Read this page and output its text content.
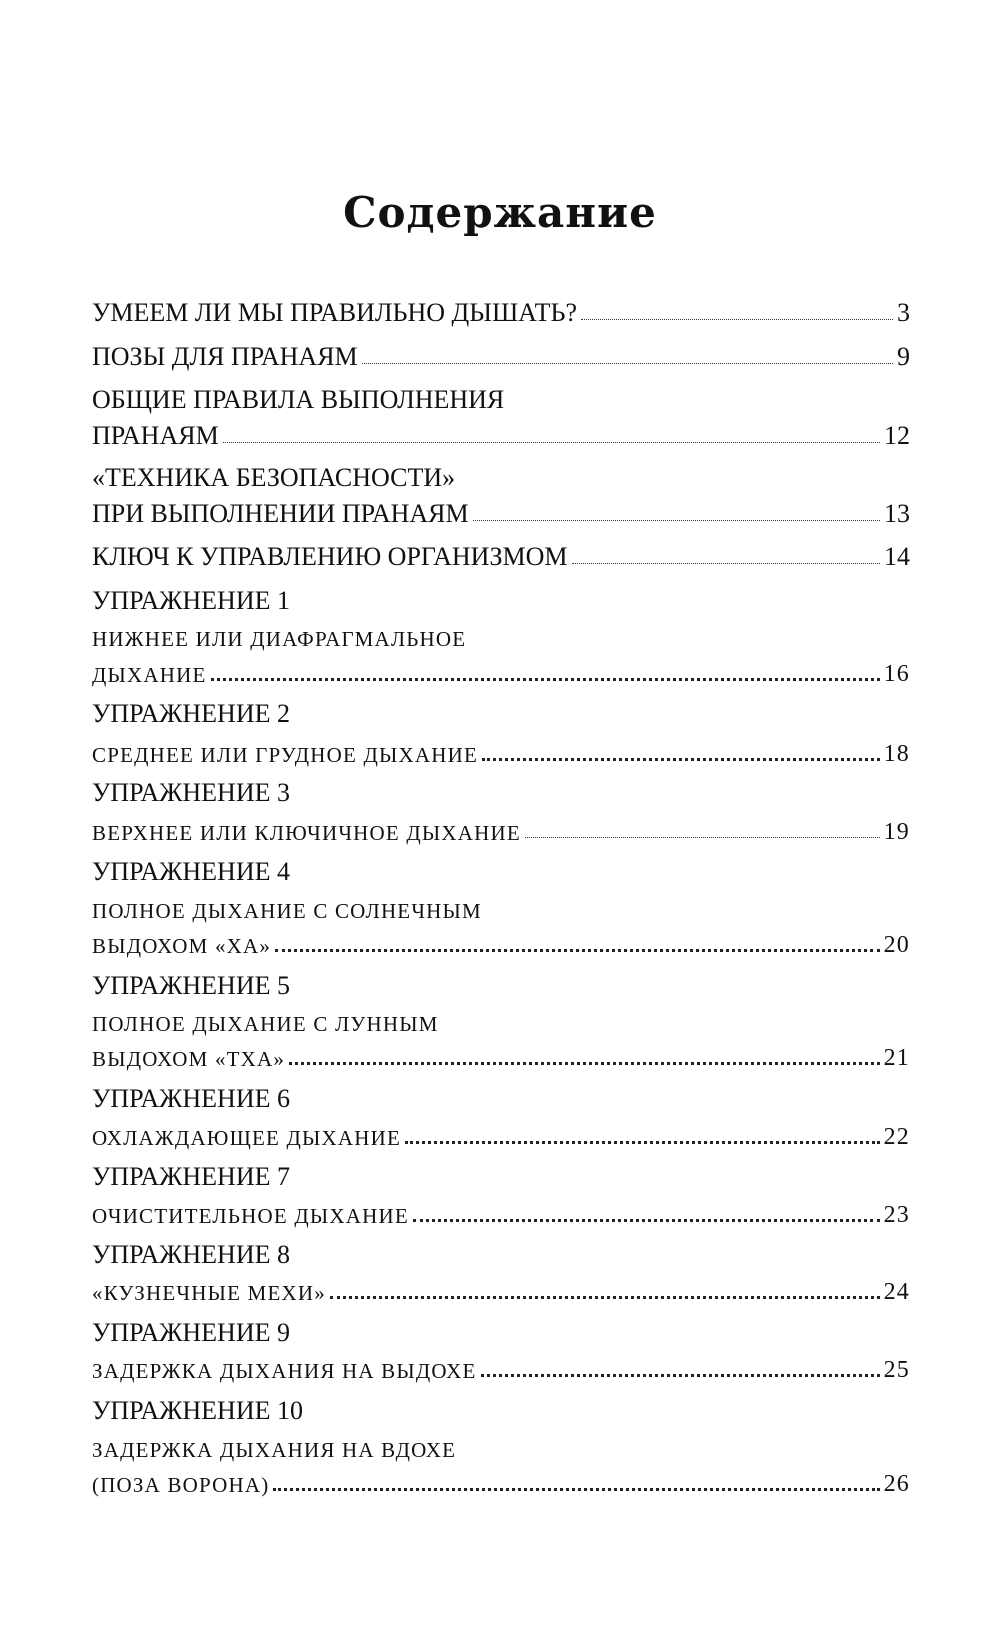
Содержание
УМЕЕМ ЛИ МЫ ПРАВИЛЬНО ДЫШАТЬ?	3
ПОЗЫ ДЛЯ ПРАНАЯМ	9
ОБЩИЕ ПРАВИЛА ВЫПОЛНЕНИЯ
ПРАНАЯМ	12
«ТЕХНИКА БЕЗОПАСНОСТИ»
ПРИ ВЫПОЛНЕНИИ ПРАНАЯМ	13
КЛЮЧ К УПРАВЛЕНИЮ ОРГАНИЗМОМ	14
УПРАЖНЕНИЕ 1
НИЖНЕЕ ИЛИ ДИАФРАГМАЛЬНОЕ
ДЫХАНИЕ	16
УПРАЖНЕНИЕ 2
СРЕДНЕЕ ИЛИ ГРУДНОЕ ДЫХАНИЕ	18
УПРАЖНЕНИЕ 3
ВЕРХНЕЕ ИЛИ КЛЮЧИЧНОЕ ДЫХАНИЕ	19
УПРАЖНЕНИЕ 4
ПОЛНОЕ ДЫХАНИЕ С СОЛНЕЧНЫМ
ВЫДОХОМ «ХА»	20
УПРАЖНЕНИЕ 5
ПОЛНОЕ ДЫХАНИЕ С ЛУННЫМ
ВЫДОХОМ «ТХА»	21
УПРАЖНЕНИЕ 6
ОХЛАЖДАЮЩЕЕ ДЫХАНИЕ	22
УПРАЖНЕНИЕ 7
ОЧИСТИТЕЛЬНОЕ ДЫХАНИЕ	23
УПРАЖНЕНИЕ 8
«КУЗНЕЧНЫЕ МЕХИ»	24
УПРАЖНЕНИЕ 9
ЗАДЕРЖКА ДЫХАНИЯ НА ВЫДОХЕ	25
УПРАЖНЕНИЕ 10
ЗАДЕРЖКА ДЫХАНИЯ НА ВДОХЕ
(ПОЗА ВОРОНА)	26
